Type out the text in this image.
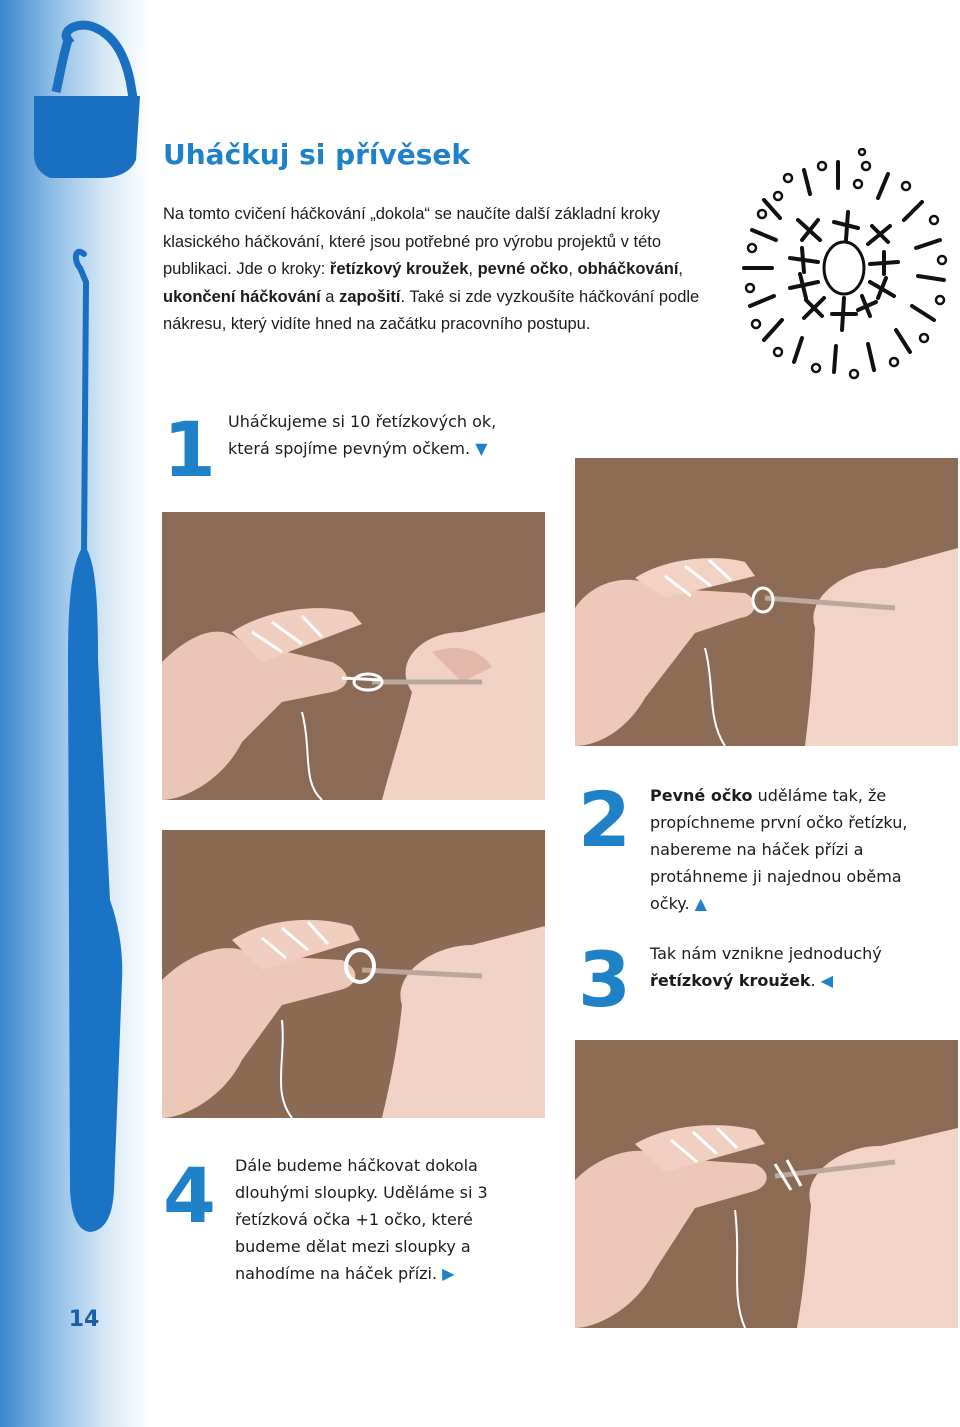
14
Uháčkuj si přívěsek
Na tomto cvičení háčkování „dokola“ se naučíte další základní kroky klasického háčkování, které jsou potřebné pro výrobu projektů v této publikaci. Jde o kroky: řetízkový kroužek, pevné očko, obháčkování, ukončení háčkování a zapošití. Také si zde vyzkoušíte háčkování podle nákresu, který vidíte hned na začátku pracovního postupu.
1 Uháčkujeme si 10 řetízkových ok, která spojíme pevným očkem. ▼
2	Pevné očko uděláme tak, že propíchneme první očko řetízku, nabereme na háček přízi a protáhneme ji najednou oběma očky. ▲
3 Tak nám vznikne jednoduchý řetízkový kroužek. ◀
4	Dále budeme háčkovat dokola dlouhými sloupky. Uděláme si 3 řetízková očka +1 očko, které budeme dělat mezi sloupky a nahodíme na háček přízi. ▶
